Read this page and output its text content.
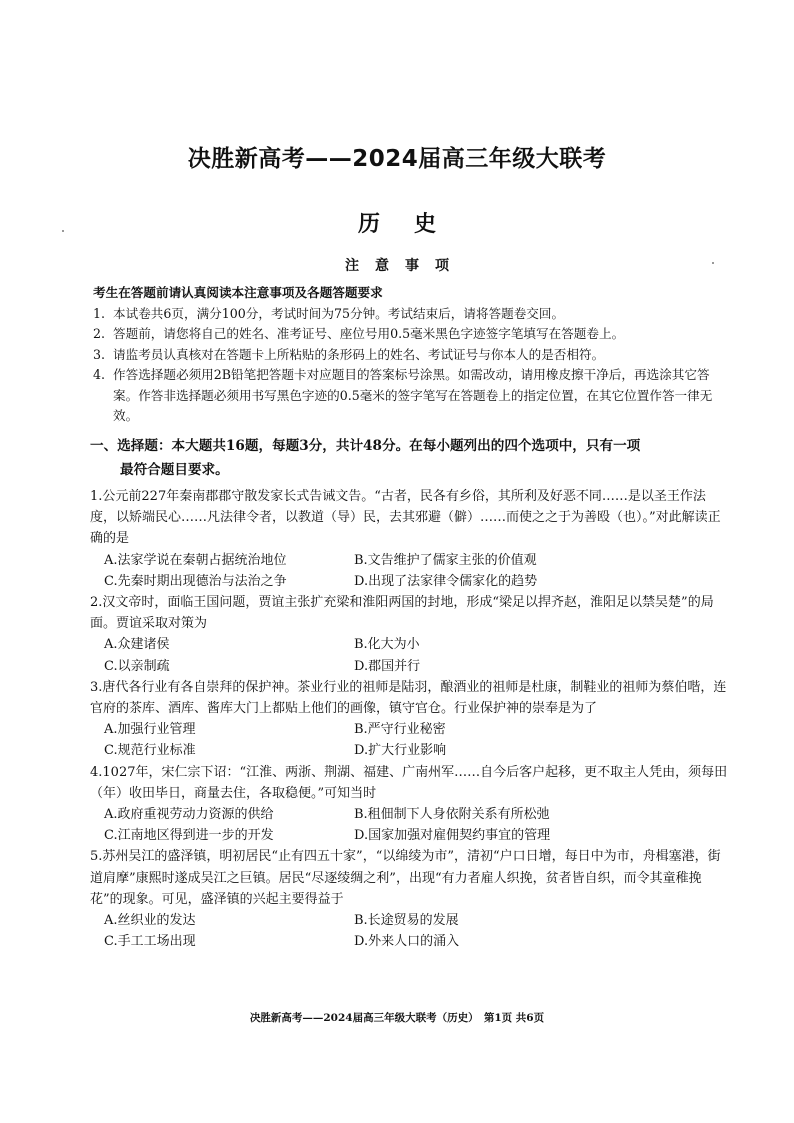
决胜新高考——2024届高三年级大联考
历史
注意事项
考生在答题前请认真阅读本注意事项及各题答题要求
1. 本试卷共6页，满分100分，考试时间为75分钟。考试结束后，请将答题卷交回。
2. 答题前，请您将自己的姓名、准考证号、座位号用0.5毫米黑色字迹签字笔填写在答题卷上。
3. 请监考员认真核对在答题卡上所粘贴的条形码上的姓名、考试证号与你本人的是否相符。
4. 作答选择题必须用2B铅笔把答题卡对应题目的答案标号涂黑。如需改动，请用橡皮擦干净后，再选涂其它答案。作答非选择题必须用书写黑色字迹的0.5毫米的签字笔写在答题卷上的指定位置，在其它位置作答一律无效。
一、选择题：本大题共16题，每题3分，共计48分。在每小题列出的四个选项中，只有一项
最符合题目要求。

1.公元前227年秦南郡郡守散发家长式告诫文告。“古者，民各有乡俗，其所利及好恶不同……是以圣王作法度，以矫端民心……凡法律令者，以教道（导）民，去其邪避（僻）……而使之之于为善殴（也）。”对此解读正确的是

A.法家学说在秦朝占据统治地位	B.文告维护了儒家主张的价值观
C.先秦时期出现德治与法治之争	D.出现了法家律令儒家化的趋势

2.汉文帝时，面临王国问题，贾谊主张扩充梁和淮阳两国的封地，形成“梁足以捍齐赵，淮阳足以禁吴楚”的局面。贾谊采取对策为

A.众建诸侯	B.化大为小
C.以亲制疏	D.郡国并行

3.唐代各行业有各自崇拜的保护神。茶业行业的祖师是陆羽，酿酒业的祖师是杜康，制鞋业的祖师为蔡伯喈，连官府的茶库、酒库、酱库大门上都贴上他们的画像，镇守官仓。行业保护神的崇奉是为了

A.加强行业管理	B.严守行业秘密
C.规范行业标准	D.扩大行业影响

4.1027年，宋仁宗下诏：“江淮、两浙、荆湖、福建、广南州军……自今后客户起移，更不取主人凭由，须每田（年）收田毕日，商量去住，各取稳便。”可知当时

A.政府重视劳动力资源的供给	B.租佃制下人身依附关系有所松弛
C.江南地区得到进一步的开发	D.国家加强对雇佣契约事宜的管理

5.苏州吴江的盛泽镇，明初居民“止有四五十家”，“以绵绫为市”，清初“户口日增，每日中为市，舟楫塞港，街道肩摩”康熙时遂成吴江之巨镇。居民“尽逐绫绸之利”，出现“有力者雇人织挽，贫者皆自织，而令其童稚挽花”的现象。可见，盛泽镇的兴起主要得益于

A.丝织业的发达	B.长途贸易的发展
C.手工工场出现	D.外来人口的涌入
决胜新高考——2024届高三年级大联考（历史）　第1页 共6页
